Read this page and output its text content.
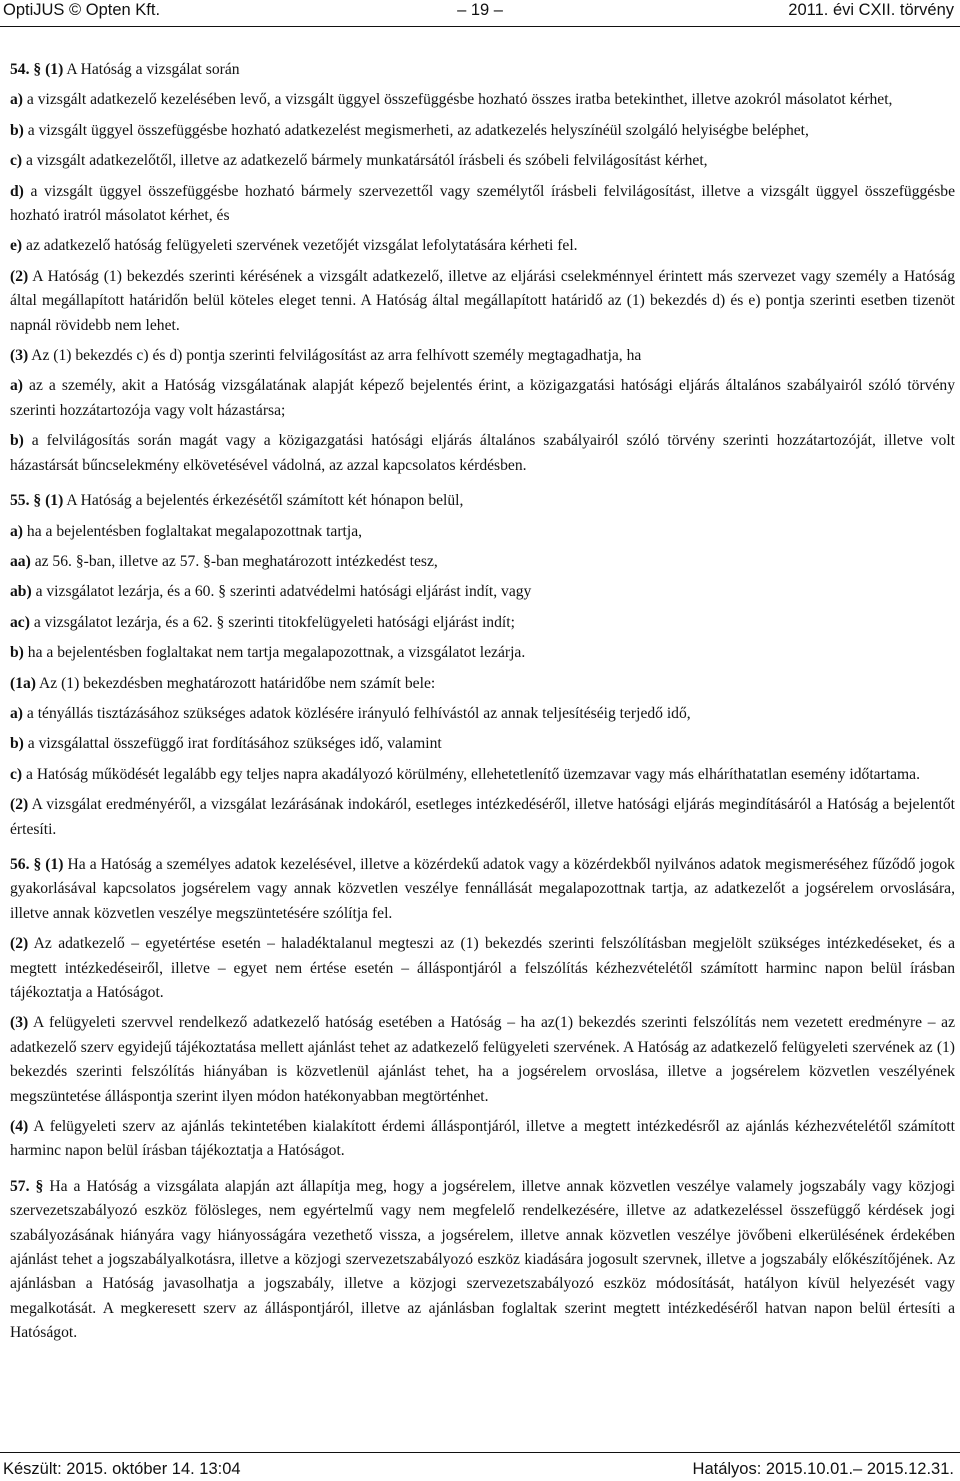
OptiJUS © Opten Kft.	– 19 –	2011. évi CXII. törvény

54. § (1) A Hatóság a vizsgálat során

a) a vizsgált adatkezelő kezelésében levő, a vizsgált üggyel összefüggésbe hozható összes iratba betekinthet, illetve azokról másolatot kérhet,

b) a vizsgált üggyel összefüggésbe hozható adatkezelést megismerheti, az adatkezelés helyszínéül szolgáló helyiségbe beléphet,

c) a vizsgált adatkezelőtől, illetve az adatkezelő bármely munkatársától írásbeli és szóbeli felvilágosítást kérhet,

d) a vizsgált üggyel összefüggésbe hozható bármely szervezettől vagy személytől írásbeli felvilágosítást, illetve a vizsgált üggyel összefüggésbe hozható iratról másolatot kérhet, és

e) az adatkezelő hatóság felügyeleti szervének vezetőjét vizsgálat lefolytatására kérheti fel.

(2) A Hatóság (1) bekezdés szerinti kérésének a vizsgált adatkezelő, illetve az eljárási cselekménnyel érintett más szervezet vagy személy a Hatóság által megállapított határidőn belül köteles eleget tenni. A Hatóság által megállapított határidő az (1) bekezdés d) és e) pontja szerinti esetben tizenöt napnál rövidebb nem lehet.

(3) Az (1) bekezdés c) és d) pontja szerinti felvilágosítást az arra felhívott személy megtagadhatja, ha

a) az a személy, akit a Hatóság vizsgálatának alapját képező bejelentés érint, a közigazgatási hatósági eljárás általános szabályairól szóló törvény szerinti hozzátartozója vagy volt házastársa;

b) a felvilágosítás során magát vagy a közigazgatási hatósági eljárás általános szabályairól szóló törvény szerinti hozzátartozóját, illetve volt házastársát bűncselekmény elkövetésével vádolná, az azzal kapcsolatos kérdésben.

55. § (1) A Hatóság a bejelentés érkezésétől számított két hónapon belül,

a) ha a bejelentésben foglaltakat megalapozottnak tartja,

aa) az 56. §-ban, illetve az 57. §-ban meghatározott intézkedést tesz,

ab) a vizsgálatot lezárja, és a 60. § szerinti adatvédelmi hatósági eljárást indít, vagy

ac) a vizsgálatot lezárja, és a 62. § szerinti titokfelügyeleti hatósági eljárást indít;

b) ha a bejelentésben foglaltakat nem tartja megalapozottnak, a vizsgálatot lezárja.

(1a) Az (1) bekezdésben meghatározott határidőbe nem számít bele:

a) a tényállás tisztázásához szükséges adatok közlésére irányuló felhívástól az annak teljesítéséig terjedő idő,

b) a vizsgálattal összefüggő irat fordításához szükséges idő, valamint

c) a Hatóság működését legalább egy teljes napra akadályozó körülmény, ellehetetlenítő üzemzavar vagy más elháríthatatlan esemény időtartama.

(2) A vizsgálat eredményéről, a vizsgálat lezárásának indokáról, esetleges intézkedéséről, illetve hatósági eljárás megindításáról a Hatóság a bejelentőt értesíti.

56. § (1) Ha a Hatóság a személyes adatok kezelésével, illetve a közérdekű adatok vagy a közérdekből nyilvános adatok megismeréséhez fűződő jogok gyakorlásával kapcsolatos jogsérelem vagy annak közvetlen veszélye fennállását megalapozottnak tartja, az adatkezelőt a jogsérelem orvoslására, illetve annak közvetlen veszélye megszüntetésére szólítja fel.

(2) Az adatkezelő – egyetértése esetén – haladéktalanul megteszi az (1) bekezdés szerinti felszólításban megjelölt szükséges intézkedéseket, és a megtett intézkedéseiről, illetve – egyet nem értése esetén – álláspontjáról a felszólítás kézhezvételétől számított harminc napon belül írásban tájékoztatja a Hatóságot.

(3) A felügyeleti szervvel rendelkező adatkezelő hatóság esetében a Hatóság – ha az(1) bekezdés szerinti felszólítás nem vezetett eredményre – az adatkezelő szerv egyidejű tájékoztatása mellett ajánlást tehet az adatkezelő felügyeleti szervének. A Hatóság az adatkezelő felügyeleti szervének az (1) bekezdés szerinti felszólítás hiányában is közvetlenül ajánlást tehet, ha a jogsérelem orvoslása, illetve a jogsérelem közvetlen veszélyének megszüntetése álláspontja szerint ilyen módon hatékonyabban megtörténhet.

(4) A felügyeleti szerv az ajánlás tekintetében kialakított érdemi álláspontjáról, illetve a megtett intézkedésről az ajánlás kézhezvételétől számított harminc napon belül írásban tájékoztatja a Hatóságot.

57. § Ha a Hatóság a vizsgálata alapján azt állapítja meg, hogy a jogsérelem, illetve annak közvetlen veszélye valamely jogszabály vagy közjogi szervezetszabályozó eszköz fölösleges, nem egyértelmű vagy nem megfelelő rendelkezésére, illetve az adatkezeléssel összefüggő kérdések jogi szabályozásának hiányára vagy hiányosságára vezethető vissza, a jogsérelem, illetve annak közvetlen veszélye jövőbeni elkerülésének érdekében ajánlást tehet a jogszabályalkotásra, illetve a közjogi szervezetszabályozó eszköz kiadására jogosult szervnek, illetve a jogszabály előkészítőjének. Az ajánlásban a Hatóság javasolhatja a jogszabály, illetve a közjogi szervezetszabályozó eszköz módosítását, hatályon kívül helyezését vagy megalkotását. A megkeresett szerv az álláspontjáról, illetve az ajánlásban foglaltak szerint megtett intézkedéséről hatvan napon belül értesíti a Hatóságot.

Készült: 2015. október 14. 13:04	Hatályos: 2015.10.01.– 2015.12.31.
